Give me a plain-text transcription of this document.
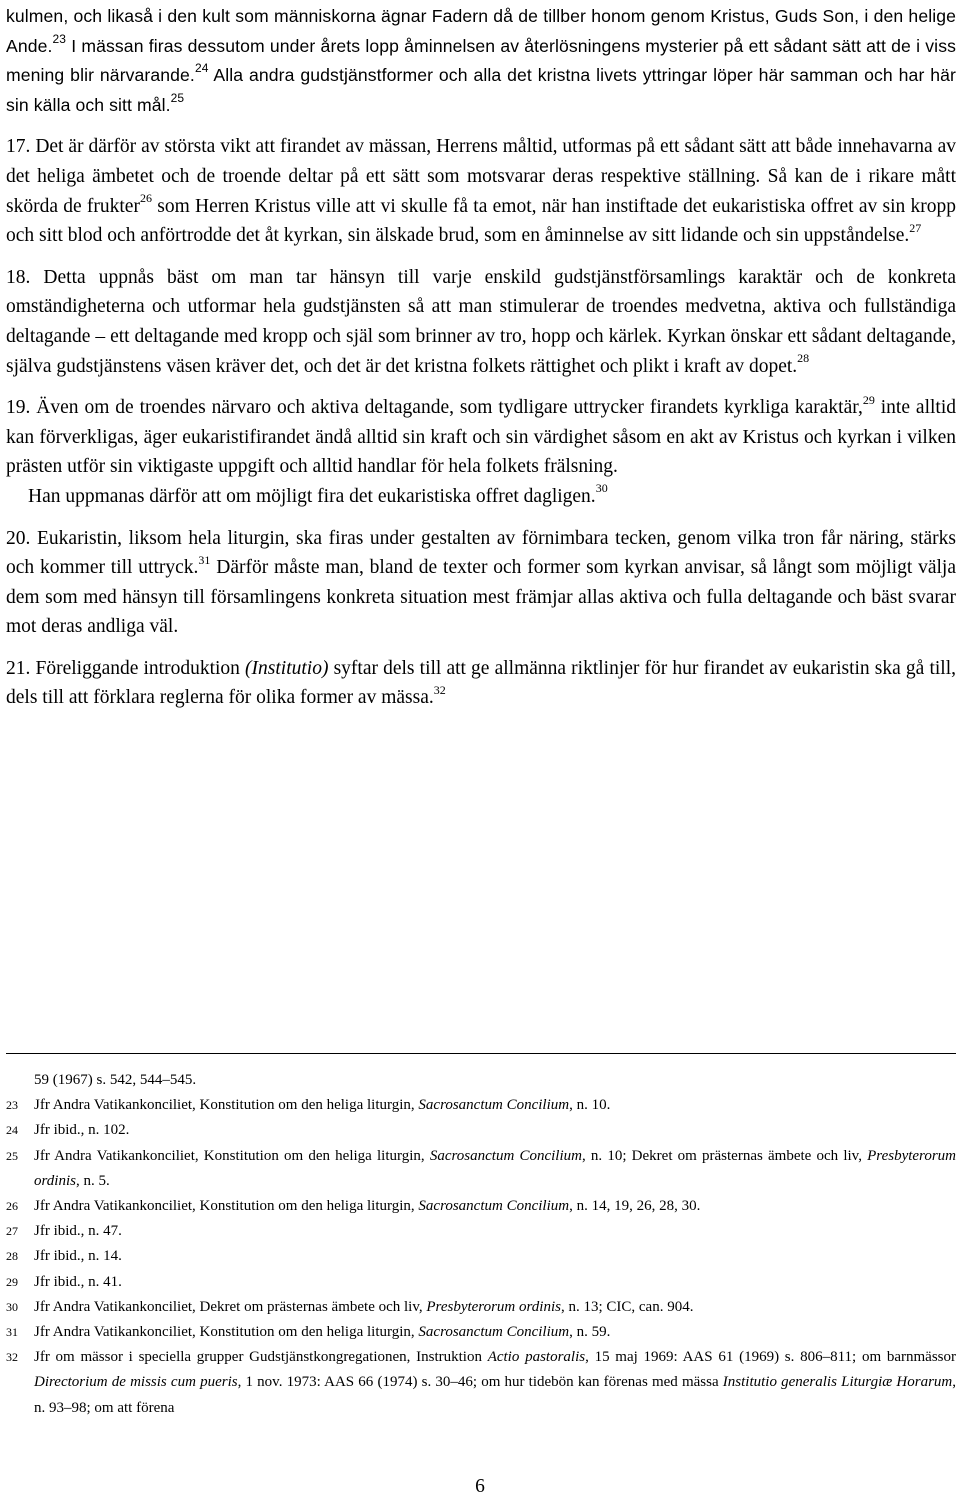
kulmen, och likaså i den kult som människorna ägnar Fadern då de tillber honom genom Kristus, Guds Son, i den helige Ande.$^{23}$ I mässan firas dessutom under årets lopp åminnelsen av återlösningens mysterier på ett sådant sätt att de i viss mening blir närvarande.$^{24}$ Alla andra gudstjänstformer och alla det kristna livets yttringar löper här samman och har här sin källa och sitt mål.$^{25}$

17. Det är därför av största vikt att firandet av mässan, Herrens måltid, utformas på ett sådant sätt att både innehavarna av det heliga ämbetet och de troende deltar på ett sätt som motsvarar deras respektive ställning. Så kan de i rikare mått skörda de frukter$^{26}$ som Herren Kristus ville att vi skulle få ta emot, när han instiftade det eukaristiska offret av sin kropp och sitt blod och anförtrodde det åt kyrkan, sin älskade brud, som en åminnelse av sitt lidande och sin uppståndelse.$^{27}$

18. Detta uppnås bäst om man tar hänsyn till varje enskild gudstjänstförsamlings karaktär och de konkreta omständigheterna och utformar hela gudstjänsten så att man stimulerar de troendes medvetna, aktiva och fullständiga deltagande – ett deltagande med kropp och själ som brinner av tro, hopp och kärlek. Kyrkan önskar ett sådant deltagande, själva gudstjänstens väsen kräver det, och det är det kristna folkets rättighet och plikt i kraft av dopet.$^{28}$

19. Även om de troendes närvaro och aktiva deltagande, som tydligare uttrycker firandets kyrkliga karaktär,$^{29}$ inte alltid kan förverkligas, äger eukaristifirandet ändå alltid sin kraft och sin värdighet såsom en akt av Kristus och kyrkan i vilken prästen utför sin viktigaste uppgift och alltid handlar för hela folkets frälsning.

Han uppmanas därför att om möjligt fira det eukaristiska offret dagligen.$^{30}$

20. Eukaristin, liksom hela liturgin, ska firas under gestalten av förnimbara tecken, genom vilka tron får näring, stärks och kommer till uttryck.$^{31}$ Därför måste man, bland de texter och former som kyrkan anvisar, så långt som möjligt välja dem som med hänsyn till församlingens konkreta situation mest främjar allas aktiva och fulla deltagande och bäst svarar mot deras andliga väl.

21. Föreliggande introduktion (Institutio) syftar dels till att ge allmänna riktlinjer för hur firandet av eukaristin ska gå till, dels till att förklara reglerna för olika former av mässa.$^{32}$

59 (1967) s. 542, 544–545.
23	Jfr Andra Vatikankonciliet, Konstitution om den heliga liturgin, Sacrosanctum Concilium, n. 10.
24	Jfr ibid., n. 102.
25	Jfr Andra Vatikankonciliet, Konstitution om den heliga liturgin, Sacrosanctum Concilium, n. 10; Dekret om prästernas ämbete och liv, Presbyterorum ordinis, n. 5.
26	Jfr Andra Vatikankonciliet, Konstitution om den heliga liturgin, Sacrosanctum Concilium, n. 14, 19, 26, 28, 30.
27	Jfr ibid., n. 47.
28	Jfr ibid., n. 14.
29	Jfr ibid., n. 41.
30	Jfr Andra Vatikankonciliet, Dekret om prästernas ämbete och liv, Presbyterorum ordinis, n. 13; CIC, can. 904.
31	Jfr Andra Vatikankonciliet, Konstitution om den heliga liturgin, Sacrosanctum Concilium, n. 59.
32	Jfr om mässor i speciella grupper Gudstjänstkongregationen, Instruktion Actio pastoralis, 15 maj 1969: AAS 61 (1969) s. 806–811; om barnmässor Directorium de missis cum pueris, 1 nov. 1973: AAS 66 (1974) s. 30–46; om hur tidebön kan förenas med mässa Institutio generalis Liturgiæ Horarum, n. 93–98; om att förena
6
